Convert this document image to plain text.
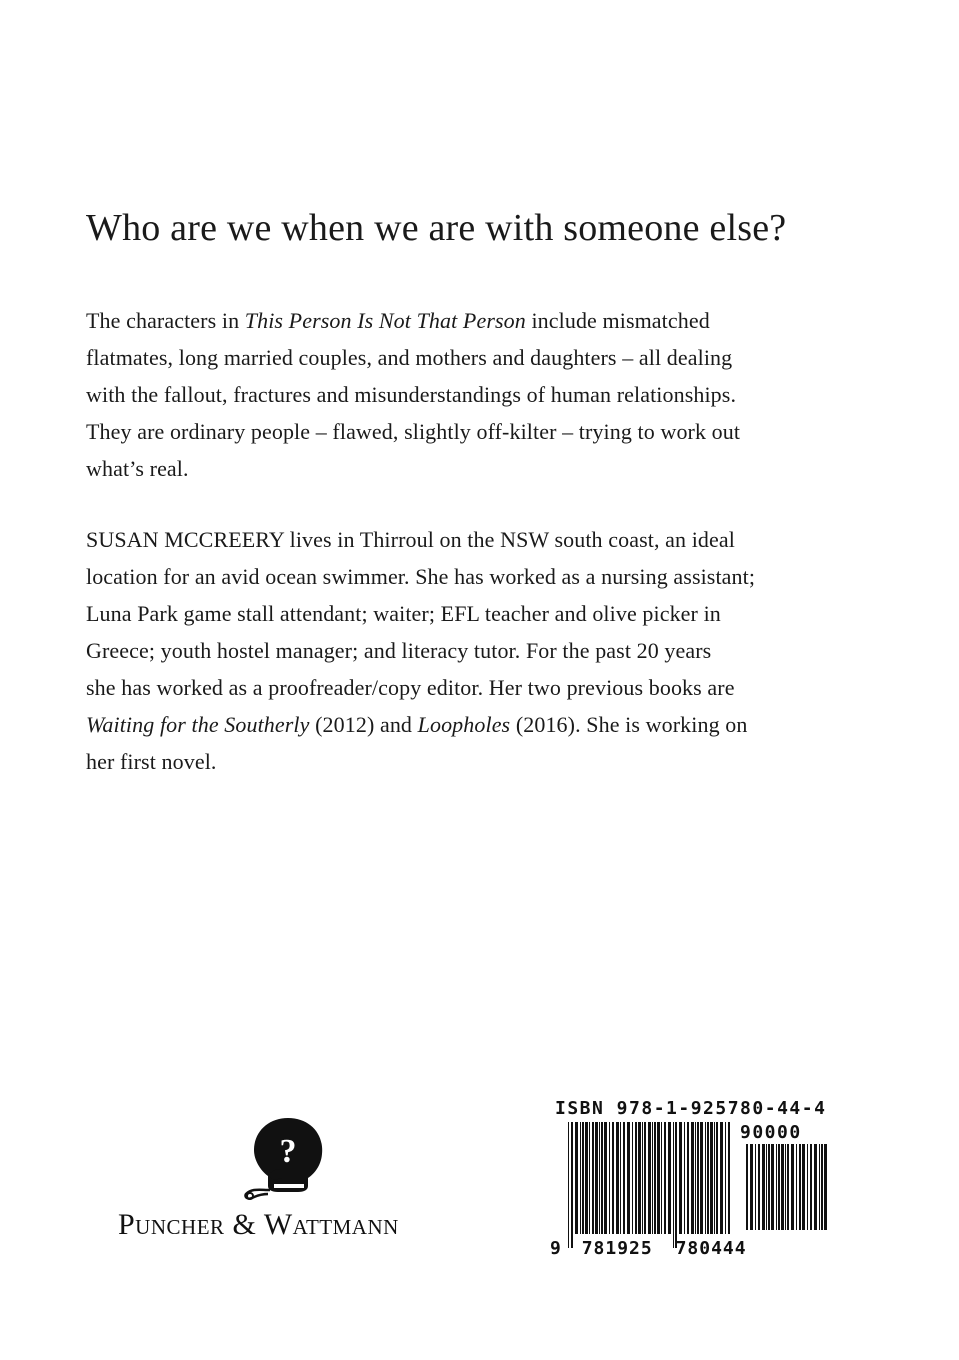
Who are we when we are with someone else?

The characters in This Person Is Not That Person include mismatched
flatmates, long married couples, and mothers and daughters – all dealing
with the fallout, fractures and misunderstandings of human relationships.
They are ordinary people – flawed, slightly off-kilter – trying to work out
what’s real.

SUSAN MCCREERY lives in Thirroul on the NSW south coast, an ideal
location for an avid ocean swimmer. She has worked as a nursing assistant;
Luna Park game stall attendant; waiter; EFL teacher and olive picker in
Greece; youth hostel manager; and literacy tutor. For the past 20 years
she has worked as a proofreader/copy editor. Her two previous books are
Waiting for the Southerly (2012) and Loopholes (2016). She is working on
her first novel.

?
Puncher & Wattmann
ISBN 978-1-925780-44-4
90000
9 781925 780444
